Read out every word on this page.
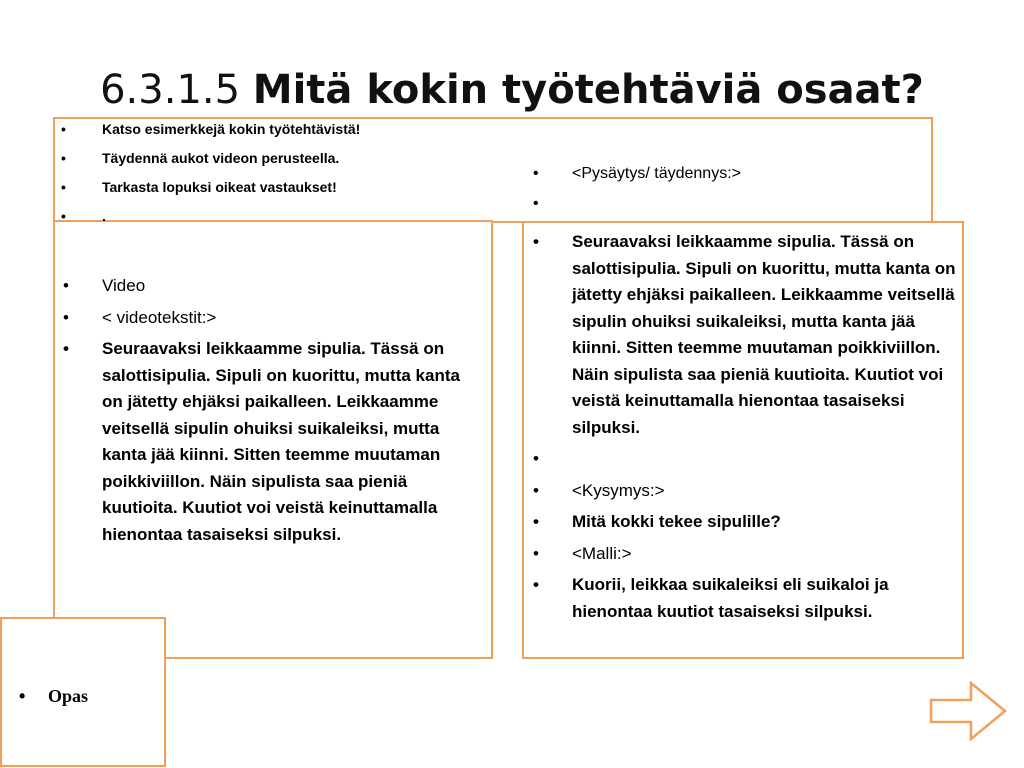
6.3.1.5 Mitä kokin työtehtäviä osaat?
• Katso esimerkkejä kokin työtehtävistä!
• Täydennä aukot videon perusteella.
• Tarkasta lopuksi oikeat vastaukset!
• .
• <Pysäytys/ täydennys:>
•
• Video
• < videotekstit:>
• Seuraavaksi leikkaamme sipulia. Tässä on salottisipulia. Sipuli on kuorittu, mutta kanta on jätetty ehjäksi paikalleen. Leikkaamme veitsellä sipulin ohuiksi suikaleiksi, mutta kanta jää kiinni. Sitten teemme muutaman poikkiviillon. Näin sipulista saa pieniä kuutioita. Kuutiot voi veistä keinuttamalla hienontaa tasaiseksi silpuksi.
• Seuraavaksi leikkaamme sipulia. Tässä on salottisipulia. Sipuli on kuorittu, mutta kanta on jätetty ehjäksi paikalleen. Leikkaamme veitsellä sipulin ohuiksi suikaleiksi, mutta kanta jää kiinni. Sitten teemme muutaman poikkiviillon. Näin sipulista saa pieniä kuutioita. Kuutiot voi veistä keinuttamalla hienontaa tasaiseksi silpuksi.
•
• <Kysymys:>
• Mitä kokki tekee sipulille?
• <Malli:>
• Kuorii, leikkaa suikaleiksi eli suikaloi ja hienontaa kuutiot tasaiseksi silpuksi.
• Opas
